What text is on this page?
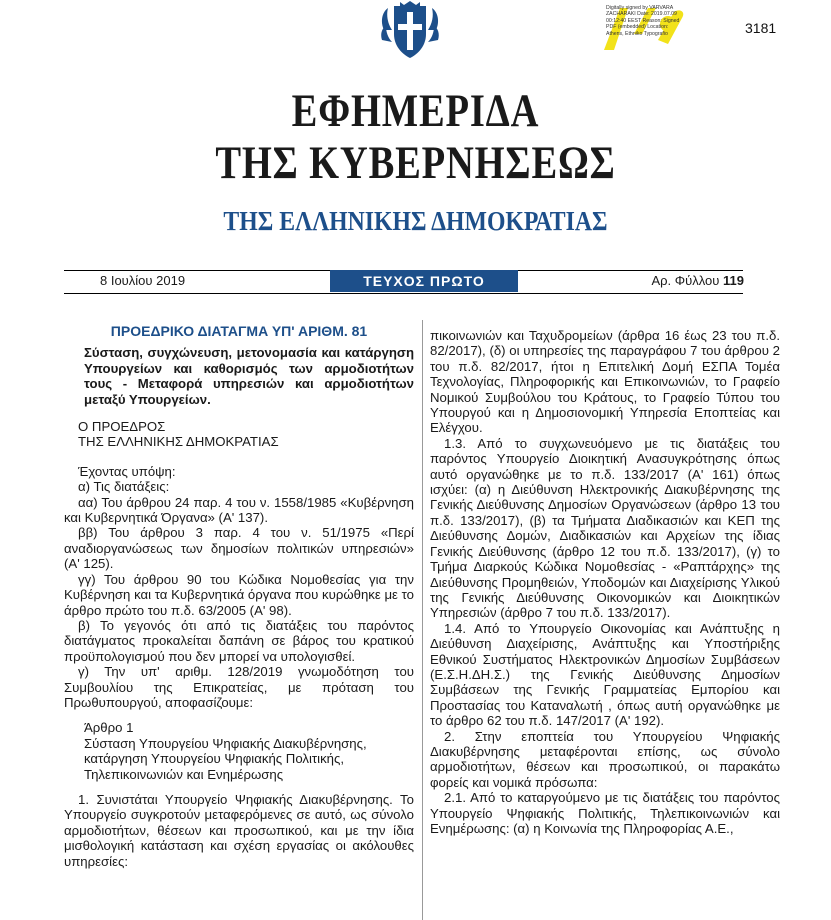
Digitally signed by VARVARA ZACHARAKI Date: 2019.07.09 00:12:40 EEST Reason: Signed PDF (embedded) Location: Athens, Ethniko Typografio	3181
ΕΦΗΜΕΡΙΔΑ
ΤΗΣ ΚΥΒΕΡΝΗΣΕΩΣ
ΤΗΣ ΕΛΛΗΝΙΚΗΣ ΔΗΜΟΚΡΑΤΙΑΣ
8 Ιουλίου 2019	ΤΕΥΧΟΣ ΠΡΩΤΟ	Αρ. Φύλλου 119

ΠΡΟΕΔΡΙΚΟ ΔΙΑΤΑΓΜΑ ΥΠ' ΑΡΙΘΜ. 81

Σύσταση, συγχώνευση, μετονομασία και κατάργηση Υπουργείων και καθορισμός των αρμοδιοτήτων τους - Μεταφορά υπηρεσιών και αρμοδιοτήτων μεταξύ Υπουργείων.

Ο ΠΡΟΕΔΡΟΣ
ΤΗΣ ΕΛΛΗΝΙΚΗΣ ΔΗΜΟΚΡΑΤΙΑΣ

Έχοντας υπόψη:

α) Τις διατάξεις:

αα) Του άρθρου 24 παρ. 4 του ν. 1558/1985 «Κυβέρνηση και Κυβερνητικά Όργανα» (Α' 137).

ββ) Του άρθρου 3 παρ. 4 του ν. 51/1975 «Περί αναδιοργανώσεως των δημοσίων πολιτικών υπηρεσιών» (Α' 125).

γγ) Του άρθρου 90 του Κώδικα Νομοθεσίας για την Κυβέρνηση και τα Κυβερνητικά όργανα που κυρώθηκε με το άρθρο πρώτο του π.δ. 63/2005 (Α' 98).

β) Το γεγονός ότι από τις διατάξεις του παρόντος διατάγματος προκαλείται δαπάνη σε βάρος του κρατικού προϋπολογισμού που δεν μπορεί να υπολογισθεί.

γ) Την υπ' αριθμ. 128/2019 γνωμοδότηση του Συμβουλίου της Επικρατείας, με πρόταση του Πρωθυπουργού, αποφασίζουμε:

Άρθρο 1
Σύσταση Υπουργείου Ψηφιακής Διακυβέρνησης, κατάργηση Υπουργείου Ψηφιακής Πολιτικής, Τηλεπικοινωνιών και Ενημέρωσης

1. Συνιστάται Υπουργείο Ψηφιακής Διακυβέρνησης. Το Υπουργείο συγκροτούν μεταφερόμενες σε αυτό, ως σύνολο αρμοδιοτήτων, θέσεων και προσωπικού, και με την ίδια μισθολογική κατάσταση και σχέση εργασίας οι ακόλουθες υπηρεσίες:

πικοινωνιών και Ταχυδρομείων (άρθρα 16 έως 23 του π.δ. 82/2017), (δ) οι υπηρεσίες της παραγράφου 7 του άρθρου 2 του π.δ. 82/2017, ήτοι η Επιτελική Δομή ΕΣΠΑ Τομέα Τεχνολογίας, Πληροφορικής και Επικοινωνιών, το Γραφείο Νομικού Συμβούλου του Κράτους, το Γραφείο Τύπου του Υπουργού και η Δημοσιονομική Υπηρεσία Εποπτείας και Ελέγχου.

1.3. Από το συγχωνευόμενο με τις διατάξεις του παρόντος Υπουργείο Διοικητική Ανασυγκρότησης όπως αυτό οργανώθηκε με το π.δ. 133/2017 (Α' 161) όπως ισχύει: (α) η Διεύθυνση Ηλεκτρονικής Διακυβέρνησης της Γενικής Διεύθυνσης Δημοσίων Οργανώσεων (άρθρο 13 του π.δ. 133/2017), (β) τα Τμήματα Διαδικασιών και ΚΕΠ της Διεύθυνσης Δομών, Διαδικασιών και Αρχείων της ίδιας Γενικής Διεύθυνσης (άρθρο 12 του π.δ. 133/2017), (γ) το Τμήμα Διαρκούς Κώδικα Νομοθεσίας - «Ραπτάρχης» της Διεύθυνσης Προμηθειών, Υποδομών και Διαχείρισης Υλικού της Γενικής Διεύθυνσης Οικονομικών και Διοικητικών Υπηρεσιών (άρθρο 7 του π.δ. 133/2017).

1.4. Από το Υπουργείο Οικονομίας και Ανάπτυξης η Διεύθυνση Διαχείρισης, Ανάπτυξης και Υποστήριξης Εθνικού Συστήματος Ηλεκτρονικών Δημοσίων Συμβάσεων (Ε.Σ.Η.ΔΗ.Σ.) της Γενικής Διεύθυνσης Δημοσίων Συμβάσεων της Γενικής Γραμματείας Εμπορίου και Προστασίας του Καταναλωτή , όπως αυτή οργανώθηκε με το άρθρο 62 του π.δ. 147/2017 (Α' 192).

2. Στην εποπτεία του Υπουργείου Ψηφιακής Διακυβέρνησης μεταφέρονται επίσης, ως σύνολο αρμοδιοτήτων, θέσεων και προσωπικού, οι παρακάτω φορείς και νομικά πρόσωπα:

2.1. Από το καταργούμενο με τις διατάξεις του παρόντος Υπουργείο Ψηφιακής Πολιτικής, Τηλεπικοινωνιών και Ενημέρωσης: (α) η Κοινωνία της Πληροφορίας Α.Ε.,
